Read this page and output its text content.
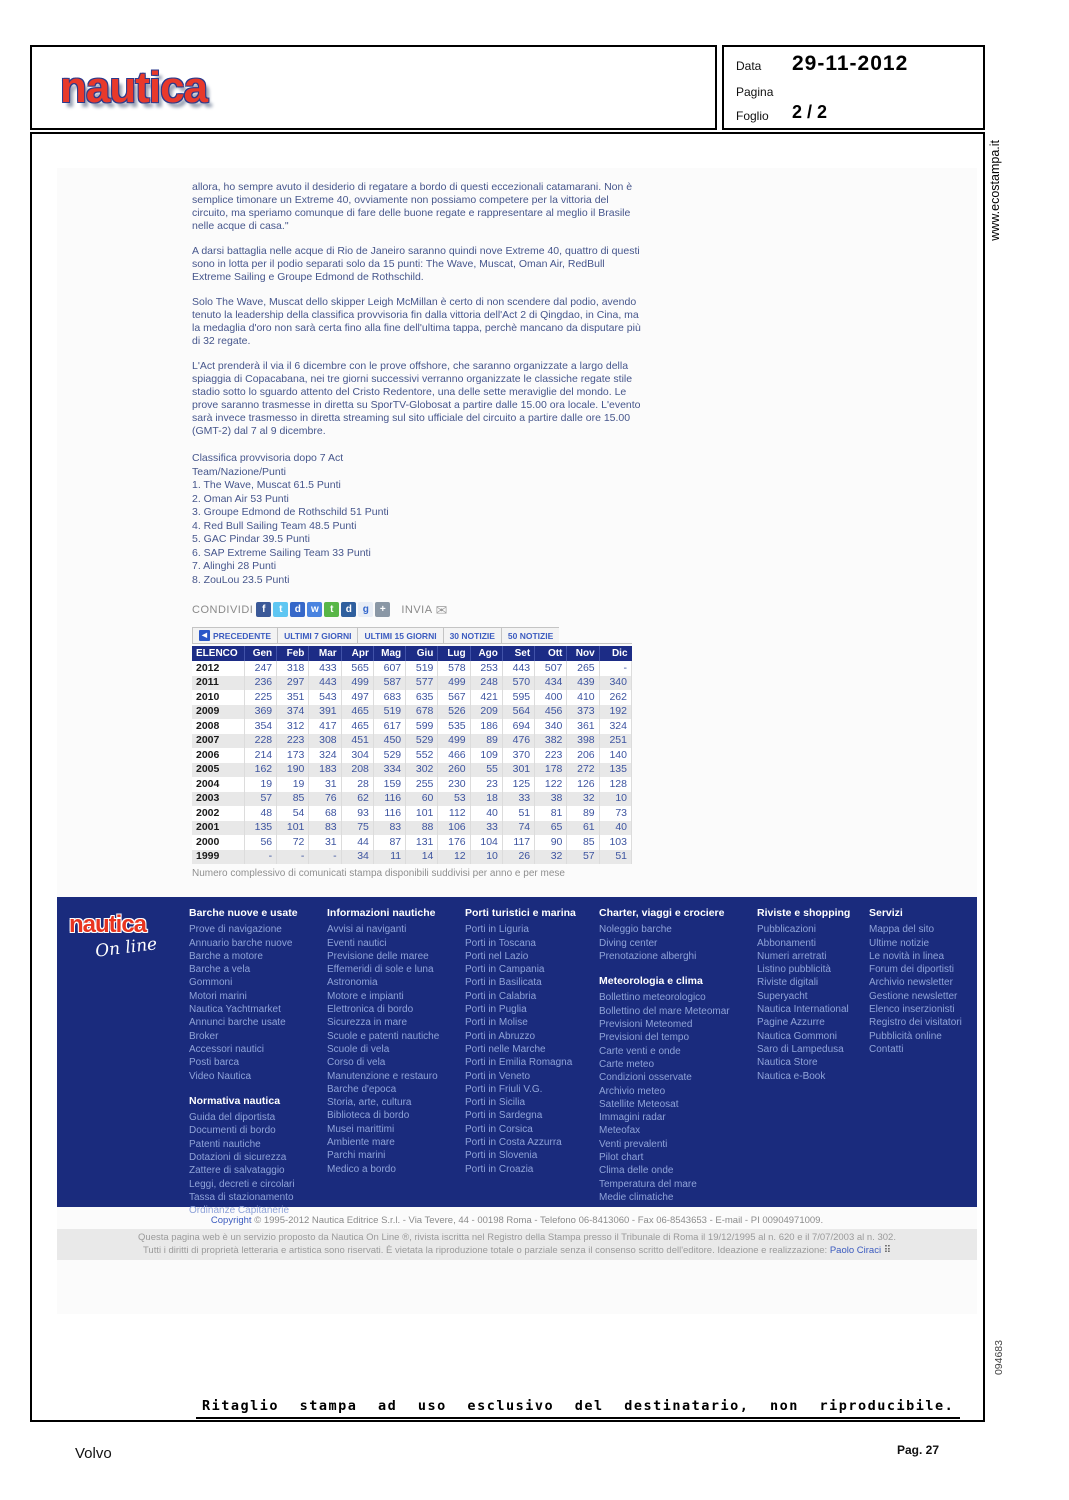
nautica	Data 29-11-2012
Pagina
Foglio 2 / 2
www.ecostampa.it

allora, ho sempre avuto il desiderio di regatare a bordo di questi eccezionali catamarani. Non è semplice timonare un Extreme 40, ovviamente non possiamo competere per la vittoria del circuito, ma speriamo comunque di fare delle buone regate e rappresentare al meglio il Brasile nelle acque di casa."

A darsi battaglia nelle acque di Rio de Janeiro saranno quindi nove Extreme 40, quattro di questi sono in lotta per il podio separati solo da 15 punti: The Wave, Muscat, Oman Air, RedBull Extreme Sailing e Groupe Edmond de Rothschild.

Solo The Wave, Muscat dello skipper Leigh McMillan è certo di non scendere dal podio, avendo tenuto la leadership della classifica provvisoria fin dalla vittoria dell'Act 2 di Qingdao, in Cina, ma la medaglia d'oro non sarà certa fino alla fine dell'ultima tappa, perchè mancano da disputare più di 32 regate.

L'Act prenderà il via il 6 dicembre con le prove offshore, che saranno organizzate a largo della spiaggia di Copacabana, nei tre giorni successivi verranno organizzate le classiche regate stile stadio sotto lo sguardo attento del Cristo Redentore, una delle sette meraviglie del mondo. Le prove saranno trasmesse in diretta su SporTV-Globosat a partire dalle 15.00 ora locale. L'evento sarà invece trasmesso in diretta streaming sul sito ufficiale del circuito a partire dalle ore 15.00 (GMT-2) dal 7 al 9 dicembre.

Classifica provvisoria dopo 7 Act
Team/Nazione/Punti
1. The Wave, Muscat 61.5 Punti
2. Oman Air 53 Punti
3. Groupe Edmond de Rothschild 51 Punti
4. Red Bull Sailing Team 48.5 Punti
5. GAC Pindar 39.5 Punti
6. SAP Extreme Sailing Team 33 Punti
7. Alinghi 28 Punti
8. ZouLou 23.5 Punti
CONDIVIDI f	t	d	w	t	d	g	+	INVIA ✉
◀ PRECEDENTE ULTIMI 7 GIORNI ULTIMI 15 GIORNI 30 NOTIZIE 50 NOTIZIE
ELENCO	Gen	Feb	Mar	Apr	Mag	Giu	Lug	Ago	Set	Ott	Nov	Dic
2012	247	318	433	565	607	519	578	253	443	507	265	-
2011	236	297	443	499	587	577	499	248	570	434	439	340
2010	225	351	543	497	683	635	567	421	595	400	410	262
2009	369	374	391	465	519	678	526	209	564	456	373	192
2008	354	312	417	465	617	599	535	186	694	340	361	324
2007	228	223	308	451	450	529	499	89	476	382	398	251
2006	214	173	324	304	529	552	466	109	370	223	206	140
2005	162	190	183	208	334	302	260	55	301	178	272	135
2004	19	19	31	28	159	255	230	23	125	122	126	128
2003	57	85	76	62	116	60	53	18	33	38	32	10
2002	48	54	68	93	116	101	112	40	51	81	89	73
2001	135	101	83	75	83	88	106	33	74	65	61	40
2000	56	72	31	44	87	131	176	104	117	90	85	103
1999	-	-	-	34	11	14	12	10	26	32	57	51
Numero complessivo di comunicati stampa disponibili suddivisi per anno e per mese
nautica
On line
Barche nuove e usate
Prove di navigazione
Annuario barche nuove
Barche a motore
Barche a vela
Gommoni
Motori marini
Nautica Yachtmarket
Annunci barche usate
Broker
Accessori nautici
Posti barca
Video Nautica
Normativa nautica
Guida del diportista
Documenti di bordo
Patenti nautiche
Dotazioni di sicurezza
Zattere di salvataggio
Leggi, decreti e circolari
Tassa di stazionamento
Ordinanze Capitanerie
Informazioni nautiche
Avvisi ai naviganti
Eventi nautici
Previsione delle maree
Effemeridi di sole e luna
Astronomia
Motore e impianti
Elettronica di bordo
Sicurezza in mare
Scuole e patenti nautiche
Scuole di vela
Corso di vela
Manutenzione e restauro
Barche d'epoca
Storia, arte, cultura
Biblioteca di bordo
Musei marittimi
Ambiente mare
Parchi marini
Medico a bordo
Porti turistici e marina
Porti in Liguria
Porti in Toscana
Porti nel Lazio
Porti in Campania
Porti in Basilicata
Porti in Calabria
Porti in Puglia
Porti in Molise
Porti in Abruzzo
Porti nelle Marche
Porti in Emilia Romagna
Porti in Veneto
Porti in Friuli V.G.
Porti in Sicilia
Porti in Sardegna
Porti in Corsica
Porti in Costa Azzurra
Porti in Slovenia
Porti in Croazia
Charter, viaggi e crociere
Noleggio barche
Diving center
Prenotazione alberghi
Meteorologia e clima
Bollettino meteorologico
Bollettino del mare Meteomar
Previsioni Meteomed
Previsioni del tempo
Carte venti e onde
Carte meteo
Condizioni osservate
Archivio meteo
Satellite Meteosat
Immagini radar
Meteofax
Venti prevalenti
Pilot chart
Clima delle onde
Temperatura del mare
Medie climatiche
Riviste e shopping
Pubblicazioni
Abbonamenti
Numeri arretrati
Listino pubblicità
Riviste digitali
Superyacht
Nautica International
Pagine Azzurre
Nautica Gommoni
Saro di Lampedusa
Nautica Store
Nautica e-Book
Servizi
Mappa del sito
Ultime notizie
Le novità in linea
Forum dei diportisti
Archivio newsletter
Gestione newsletter
Elenco inserzionisti
Registro dei visitatori
Pubblicità online
Contatti
Copyright © 1995-2012 Nautica Editrice S.r.l. - Via Tevere, 44 - 00198 Roma - Telefono 06-8413060 - Fax 06-8543653 - E-mail - PI 00904971009.
Questa pagina web è un servizio proposto da Nautica On Line ®, rivista iscritta nel Registro della Stampa presso il Tribunale di Roma il 19/12/1995 al n. 620 e il 7/07/2003 al n. 302.
Tutti i diritti di proprietà letteraria e artistica sono riservati. È vietata la riproduzione totale o parziale senza il consenso scritto dell'editore. Ideazione e realizzazione: Paolo Ciraci ⠿
094683
Ritaglio stampa ad uso esclusivo del destinatario, non riproducibile.
Volvo	Pag. 27
